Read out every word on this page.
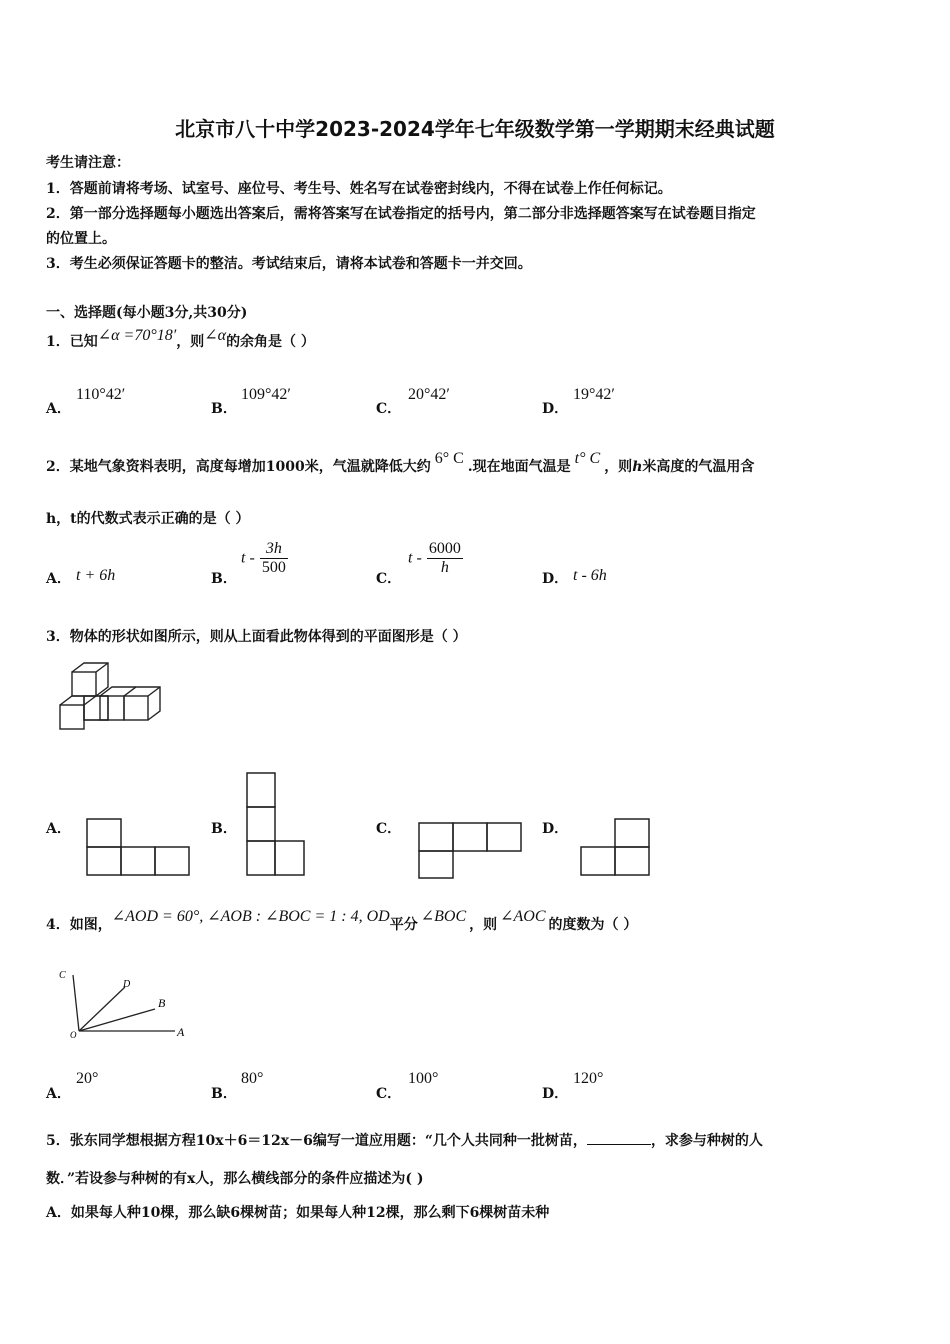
北京市八十中学2023-2024学年七年级数学第一学期期末经典试题
考生请注意：
1．答题前请将考场、试室号、座位号、考生号、姓名写在试卷密封线内，不得在试卷上作任何标记。
2．第一部分选择题每小题选出答案后，需将答案写在试卷指定的括号内，第二部分非选择题答案写在试卷题目指定
的位置上。
3．考生必须保证答题卡的整洁。考试结束后，请将本试卷和答题卡一并交回。
一、选择题(每小题3分,共30分)
1．已知∠α =70°18′，则∠α的余角是（ ）
A．
110°42′
B．
109°42′
C．
20°42′
D．
19°42′
2．某地气象资料表明，高度每增加1000米，气温就降低大约 6° C .现在地面气温是 t° C ，则h米高度的气温用含
h，t的代数式表示正确的是（ ）
A． t + 6h	B．
t - $\frac{3h}{500}$
C．
t - $\frac{6000}{h}$
D． t - 6h
3．物体的形状如图所示，则从上面看此物体得到的平面图形是（ ）
A．	B．	C．	D．
4．如图，∠AOD = 60°, ∠AOB : ∠BOC = 1 : 4, OD平分 ∠BOC ，则 ∠AOC 的度数为（ ）
C
D
B
A
O
A．
20°
B．
80°
C．
100°
D．
120°
5．张东同学想根据方程10x＋6＝12x－6编写一道应用题：“几个人共同种一批树苗，	，求参与种树的人
数．”若设参与种树的有x人，那么横线部分的条件应描述为( )
A．如果每人种10棵，那么缺6棵树苗；如果每人种12棵，那么剩下6棵树苗未种
